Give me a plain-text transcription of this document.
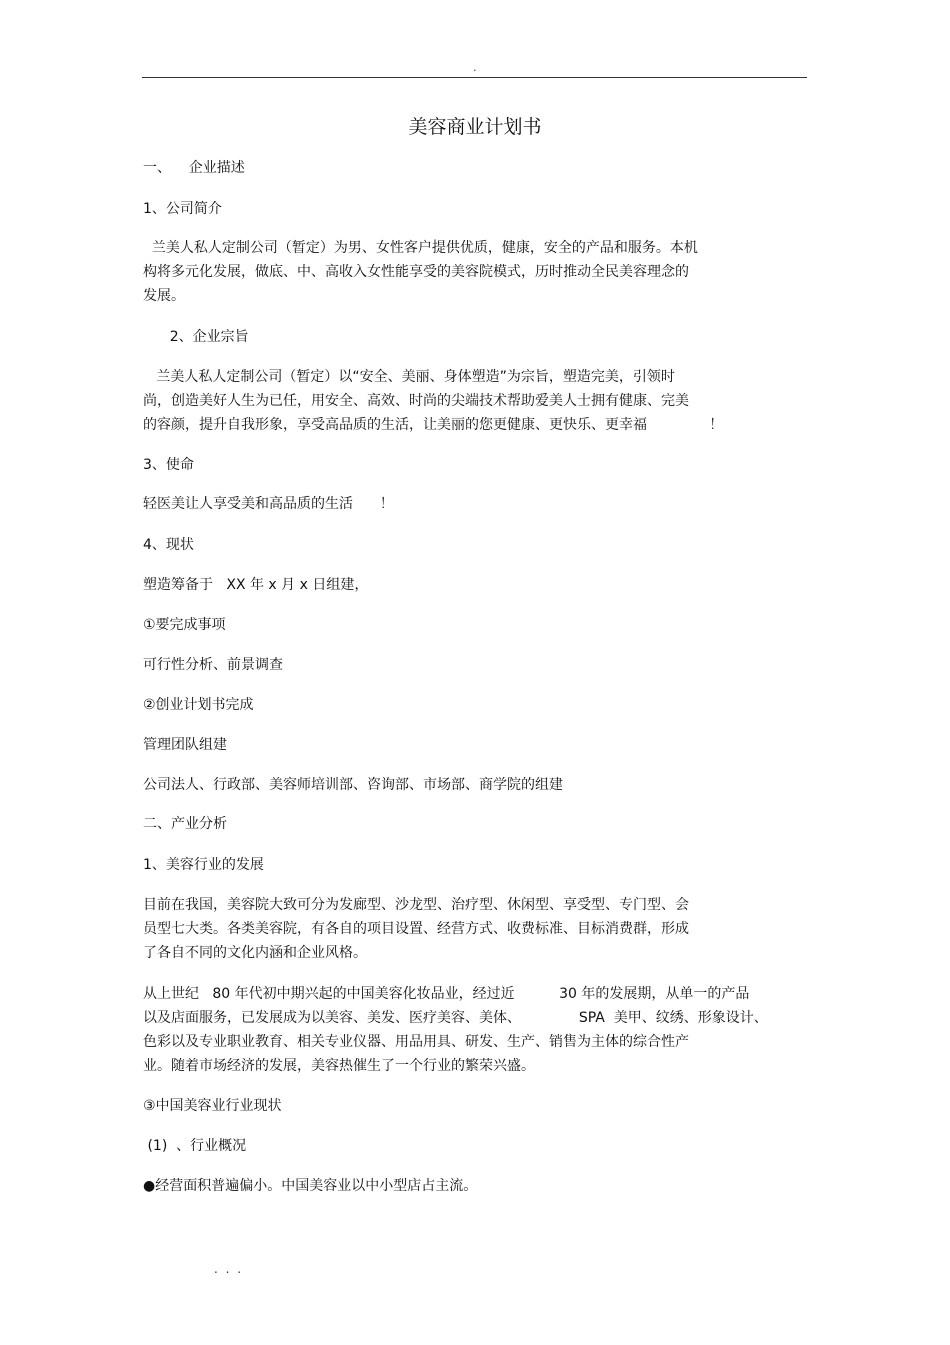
.
美容商业计划书
一、    企业描述
1、公司简介
兰美人私人定制公司（暂定）为男、女性客户提供优质，健康，安全的产品和服务。本机
构将多元化发展，做底、中、高收入女性能享受的美容院模式，历时推动全民美容理念的
发展。
2、企业宗旨
兰美人私人定制公司（暂定）以“安全、美丽、身体塑造”为宗旨，塑造完美，引领时
尚，创造美好人生为已任，用安全、高效、时尚的尖端技术帮助爱美人士拥有健康、完美
的容颜，提升自我形象，享受高品质的生活，让美丽的您更健康、更快乐、更幸福              ！
3、使命
轻医美让人享受美和高品质的生活      ！
4、现状
塑造筹备于   XX 年 x 月 x 日组建，
①要完成事项
可行性分析、前景调查
②创业计划书完成
管理团队组建
公司法人、行政部、美容师培训部、咨询部、市场部、商学院的组建
二、产业分析
1、美容行业的发展
目前在我国，美容院大致可分为发廊型、沙龙型、治疗型、休闲型、享受型、专门型、会
员型七大类。各类美容院，有各自的项目设置、经营方式、收费标准、目标消费群，形成
了各自不同的文化内涵和企业风格。
从上世纪   80 年代初中期兴起的中国美容化妆品业，经过近          30 年的发展期，从单一的产品
以及店面服务，已发展成为以美容、美发、医疗美容、美体、             SPA  美甲、纹绣、形象设计、
色彩以及专业职业教育、相关专业仪器、用品用具、研发、生产、销售为主体的综合性产
业。随着市场经济的发展，美容热催生了一个行业的繁荣兴盛。
③中国美容业行业现状
(1)  、行业概况
●经营面积普遍偏小。中国美容业以中小型店占主流。
. . .
